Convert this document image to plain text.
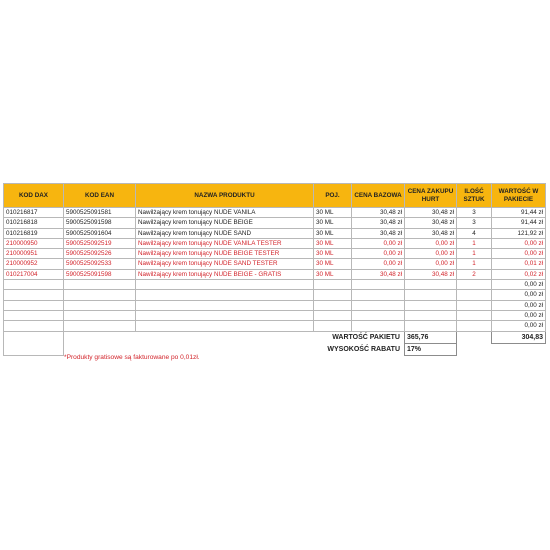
KOD DAX	KOD EAN	NAZWA PRODUKTU	POJ.	CENA BAZOWA	CENA ZAKUPU HURT	ILOŚĆ SZTUK	WARTOŚĆ W PAKIECIE
010216817	5900525091581	Nawilżający krem tonujący NUDE VANILA	30 ML	30,48 zł	30,48 zł	3	91,44 zł
010216818	5900525091598	Nawilżający krem tonujący NUDE BEIGE	30 ML	30,48 zł	30,48 zł	3	91,44 zł
010216819	5900525091604	Nawilżający krem tonujący NUDE SAND	30 ML	30,48 zł	30,48 zł	4	121,92 zł
210000950	5900525092519	Nawilżający krem tonujący NUDE VANILA TESTER	30 ML	0,00 zł	0,00 zł	1	0,00 zł
210000951	5900525092526	Nawilżający krem tonujący NUDE BEIGE TESTER	30 ML	0,00 zł	0,00 zł	1	0,00 zł
210000952	5900525092533	Nawilżający krem tonujący NUDE SAND TESTER	30 ML	0,00 zł	0,00 zł	1	0,01 zł
010217004	5900525091598	Nawilżający krem tonujący NUDE BEIGE - GRATIS	30 ML	30,48 zł	30,48 zł	2	0,02 zł
							0,00 zł
							0,00 zł
							0,00 zł
							0,00 zł
							0,00 zł
	WARTOŚĆ PAKIETU				365,76		304,83
	WYSOKOŚĆ RABATU				17%		
*Produkty gratisowe są fakturowane po 0,01zł.
